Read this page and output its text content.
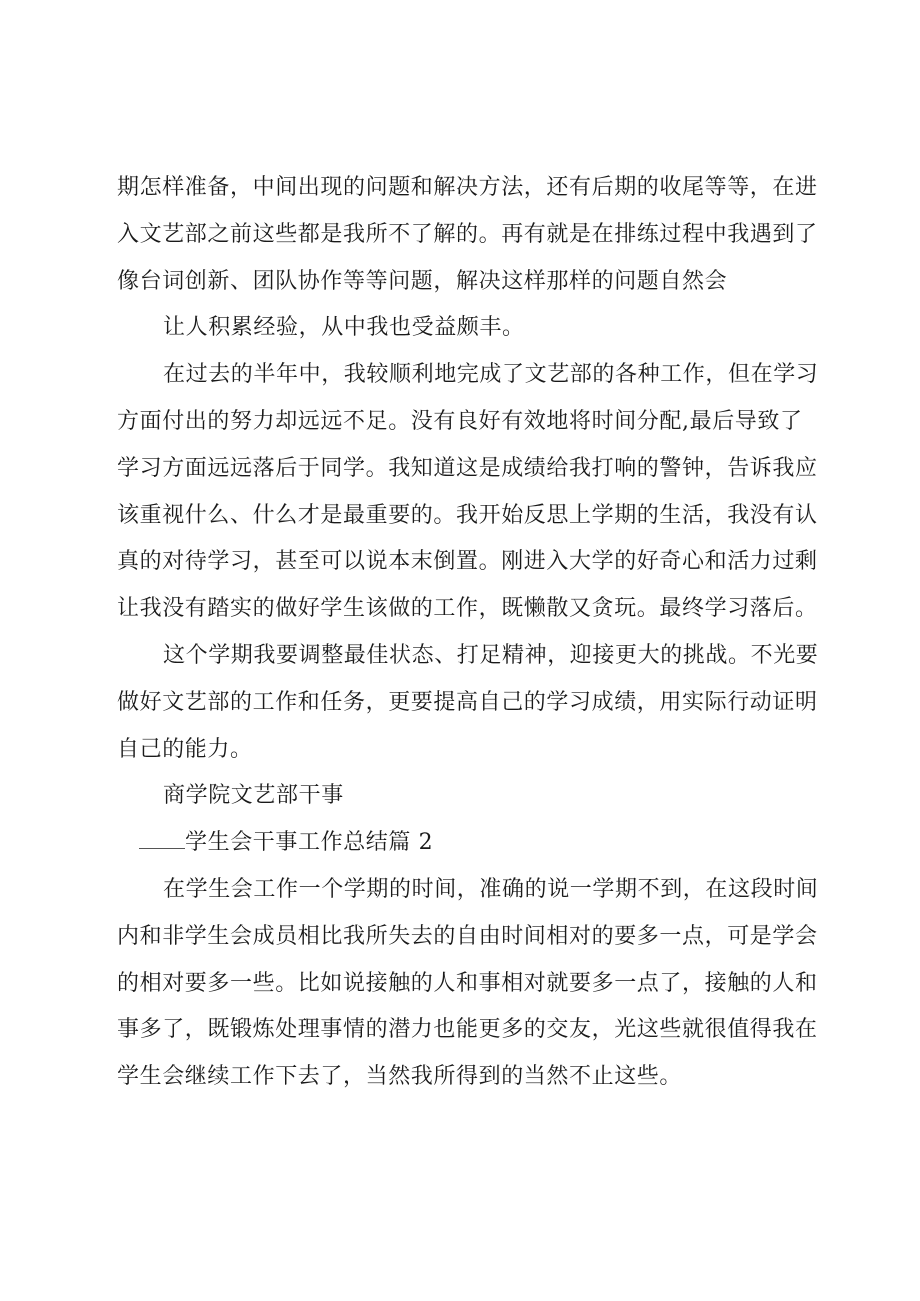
期怎样准备，中间出现的问题和解决方法，还有后期的收尾等等，在进
入文艺部之前这些都是我所不了解的。再有就是在排练过程中我遇到了
像台词创新、团队协作等等问题，解决这样那样的问题自然会
让人积累经验，从中我也受益颇丰。
在过去的半年中，我较顺利地完成了文艺部的各种工作，但在学习
方面付出的努力却远远不足。没有良好有效地将时间分配,最后导致了
学习方面远远落后于同学。我知道这是成绩给我打响的警钟，告诉我应
该重视什么、什么才是最重要的。我开始反思上学期的生活，我没有认
真的对待学习，甚至可以说本末倒置。刚进入大学的好奇心和活力过剩
让我没有踏实的做好学生该做的工作，既懒散又贪玩。最终学习落后。
这个学期我要调整最佳状态、打足精神，迎接更大的挑战。不光要
做好文艺部的工作和任务，更要提高自己的学习成绩，用实际行动证明
自己的能力。
商学院文艺部干事
学生会干事工作总结篇 2
在学生会工作一个学期的时间，准确的说一学期不到，在这段时间
内和非学生会成员相比我所失去的自由时间相对的要多一点，可是学会
的相对要多一些。比如说接触的人和事相对就要多一点了，接触的人和
事多了，既锻炼处理事情的潜力也能更多的交友，光这些就很值得我在
学生会继续工作下去了，当然我所得到的当然不止这些。
